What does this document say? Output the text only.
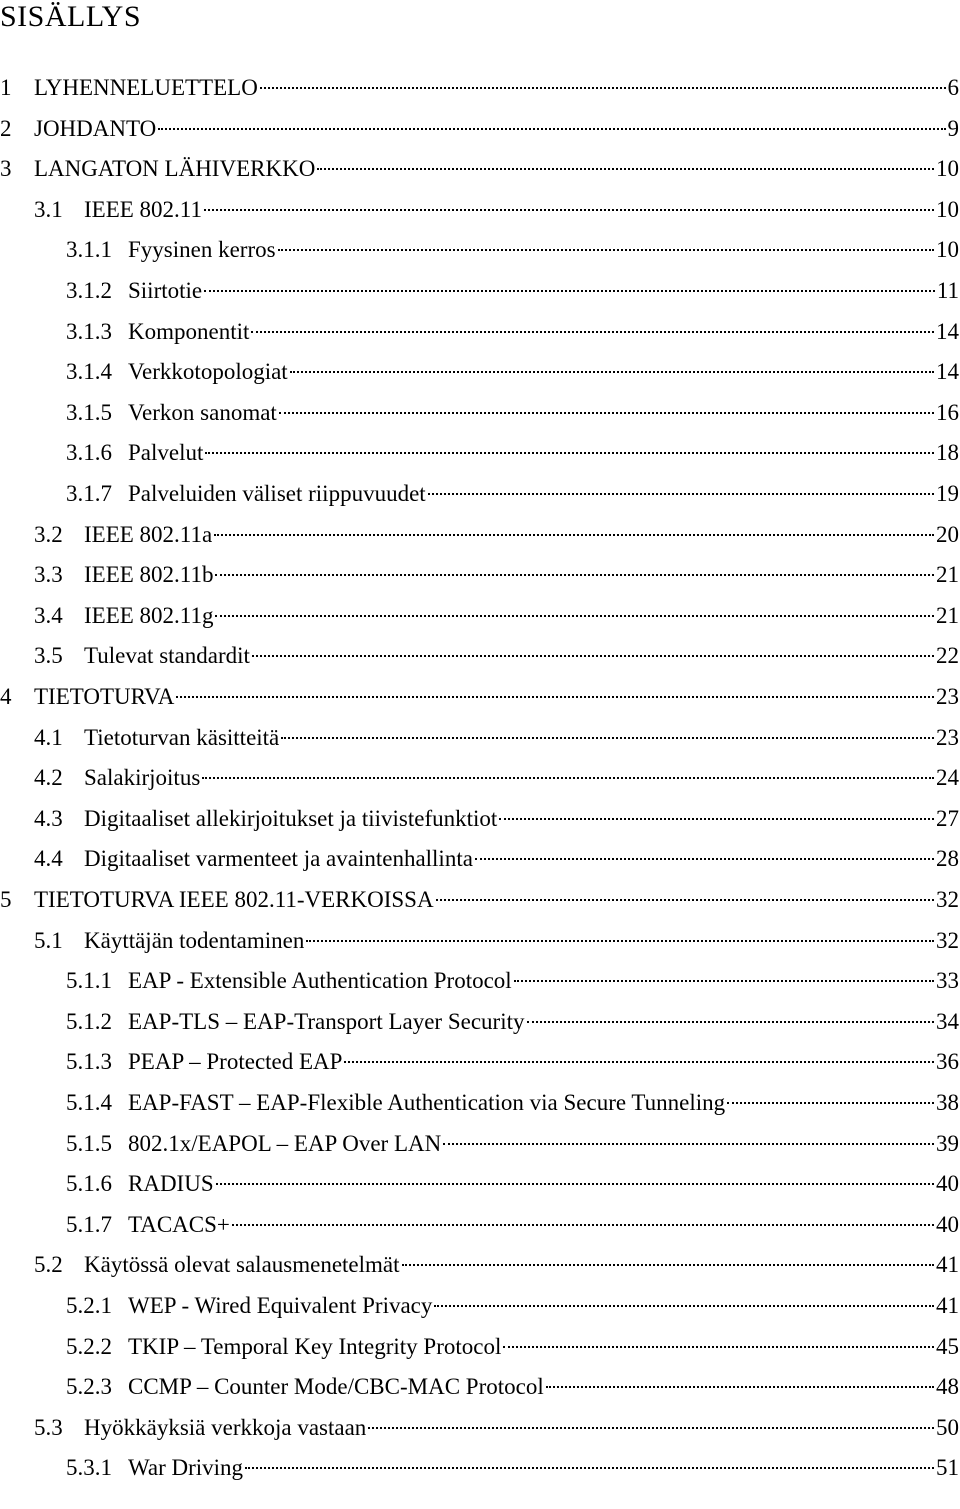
SISÄLLYS
1 LYHENNELUETTELO	6
2 JOHDANTO	9
3 LANGATON LÄHIVERKKO	10
3.1 IEEE 802.11	10
3.1.1 Fyysinen kerros	10
3.1.2 Siirtotie	11
3.1.3 Komponentit	14
3.1.4 Verkkotopologiat	14
3.1.5 Verkon sanomat	16
3.1.6 Palvelut	18
3.1.7 Palveluiden väliset riippuvuudet	19
3.2 IEEE 802.11a	20
3.3 IEEE 802.11b	21
3.4 IEEE 802.11g	21
3.5 Tulevat standardit	22
4 TIETOTURVA	23
4.1 Tietoturvan käsitteitä	23
4.2 Salakirjoitus	24
4.3 Digitaaliset allekirjoitukset ja tiivistefunktiot	27
4.4 Digitaaliset varmenteet ja avaintenhallinta	28
5 TIETOTURVA IEEE 802.11-VERKOISSA	32
5.1 Käyttäjän todentaminen	32
5.1.1 EAP - Extensible Authentication Protocol	33
5.1.2 EAP-TLS – EAP-Transport Layer Security	34
5.1.3 PEAP – Protected EAP	36
5.1.4 EAP-FAST – EAP-Flexible Authentication via Secure Tunneling	38
5.1.5 802.1x/EAPOL – EAP Over LAN	39
5.1.6 RADIUS	40
5.1.7 TACACS+	40
5.2 Käytössä olevat salausmenetelmät	41
5.2.1 WEP - Wired Equivalent Privacy	41
5.2.2 TKIP – Temporal Key Integrity Protocol	45
5.2.3 CCMP – Counter Mode/CBC-MAC Protocol	48
5.3 Hyökkäyksiä verkkoja vastaan	50
5.3.1 War Driving	51
